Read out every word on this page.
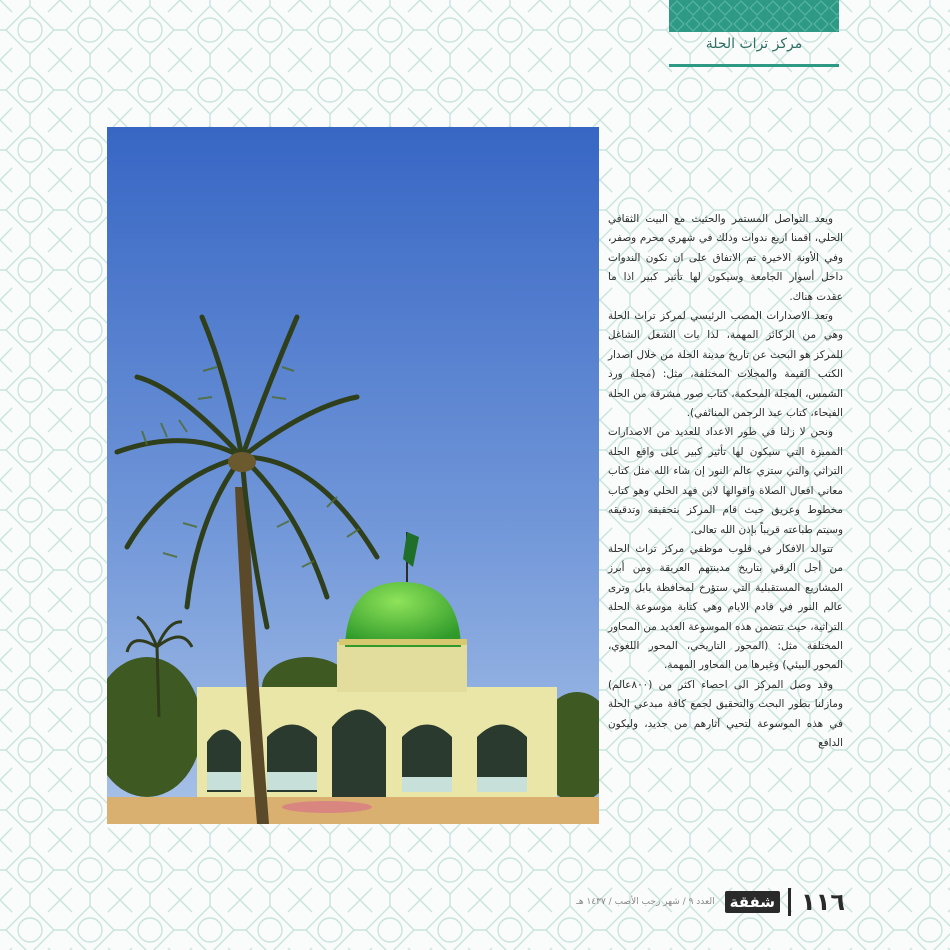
مركز تراث الحلة

ويعد التواصل المستمر والحثيث مع البيت الثقافي الحلي، اقمنا اربع ندوات وذلك في شهري محرم وصفر، وفي الأونة الاخيرة تم الاتفاق على ان تكون الندوات داخل أسوار الجامعة وسيكون لها تأثير كبير اذا ما عقدت هناك.

وتعد الاصدارات المصب الرئيسي لمركز تراث الحلة وهي من الركائز المهمة، لذا بات الشغل الشاغل للمركز هو البحث عن تاريخ مدينة الحلة من خلال اصدار الكتب القيمة والمجلات المختلفة، مثل: (مجلة ورد الشمس، المجلة المحكمة، كتاب صور مشرقة من الحلة الفيحاء، كتاب عبد الرحمن المنائفي).

ونحن لا زلنا في طور الاعداد للعديد من الاصدارات المميزة التي سيكون لها تأثير كبير على واقع الحلة التراثي والتي ستري عالم النور إن شاء الله مثل كتاب معاني افعال الصلاة واقوالها لابن فهد الحلي وهو كتاب مخطوط وعريق حيث قام المركز بتحقيقه وتدقيقه وسيتم طباعته قريباً بإذن الله تعالى.

تتوالد الافكار في قلوب موظفي مركز تراث الحلة من أجل الرقي بتاريخ مدينتهم العريقة ومن أبرز المشاريع المستقبلية التي ستؤرخ لمحافظة بابل وترى عالم النور في قادم الايام وهي كتابة موسوعة الحلة التراثية، حيث تتضمن هذه الموسوعة العديد من المحاور المختلفة مثل: (المحور التاريخي، المحور اللغوي، المحور البيئي) وغيرها من المحاور المهمة.

وقد وصل المركز الى احصاء اكثر من (٨٠٠عالم) ومازلنا بطور البحث والتحقيق لجمع كافة مبدعي الحلة في هذه الموسوعة لتحيي آثارهم من جديد، وليكون الدافع

١١٦
شفقة
العدد ٩ / شهر رجب الأصب / ١٤٣٧ هـ
